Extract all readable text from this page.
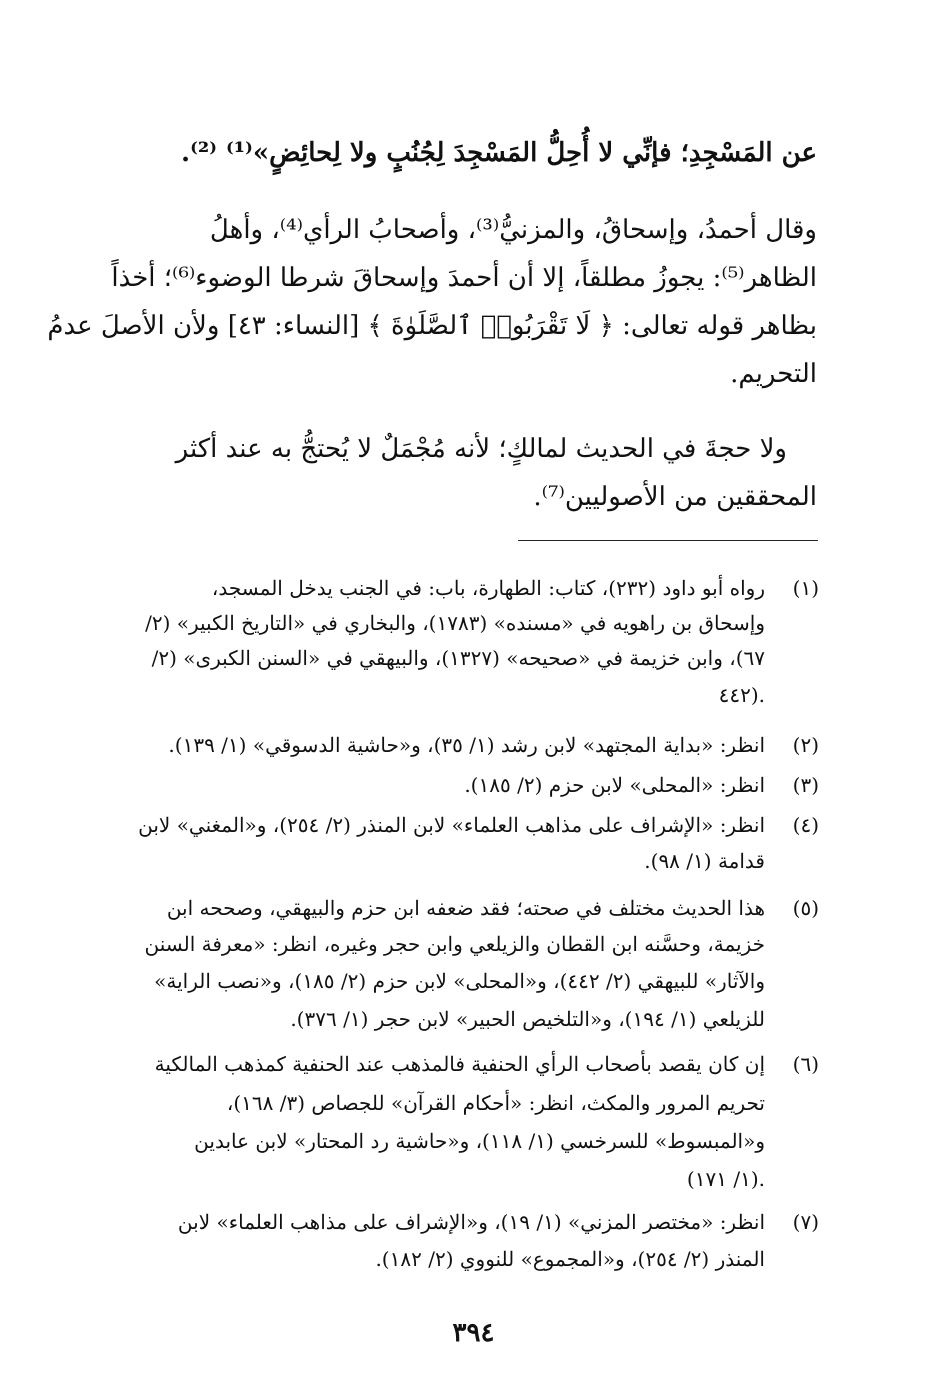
عن المَسْجِدِ؛ فإنِّي لا أُحِلُّ المَسْجِدَ لِجُنُبٍ ولا لِحائِضٍ»⁽¹⁾ ⁽²⁾.
وقال أحمدُ، وإسحاقُ، والمزنيُّ⁽³⁾، وأصحابُ الرأي⁽⁴⁾، وأهلُ
الظاهر⁽⁵⁾: يجوزُ مطلقاً، إلا أن أحمدَ وإسحاقَ شرطا الوضوء⁽⁶⁾؛ أخذاً
بظاهر قوله تعالى: ﴿ لَا تَقْرَبُوا۟ ٱلصَّلَوٰةَ ﴾ [النساء: ٤٣] ولأن الأصلَ عدمُ
التحريم.
ولا حجةَ في الحديث لمالكٍ؛ لأنه مُجْمَلٌ لا يُحتجُّ به عند أكثر
المحققين من الأصوليين⁽⁷⁾.
(١)
رواه أبو داود (٢٣٢)، كتاب: الطهارة، باب: في الجنب يدخل المسجد،
وإسحاق بن راهويه في «مسنده» (١٧٨٣)، والبخاري في «التاريخ الكبير» (٢/
٦٧)، وابن خزيمة في «صحيحه» (١٣٢٧)، والبيهقي في «السنن الكبرى» (٢/
٤٤٢).
(٢)
انظر: «بداية المجتهد» لابن رشد (١/ ٣٥)، و«حاشية الدسوقي» (١/ ١٣٩).
(٣)
انظر: «المحلى» لابن حزم (٢/ ١٨٥).
(٤)
انظر: «الإشراف على مذاهب العلماء» لابن المنذر (٢/ ٢٥٤)، و«المغني» لابن
قدامة (١/ ٩٨).
(٥)
هذا الحديث مختلف في صحته؛ فقد ضعفه ابن حزم والبيهقي، وصححه ابن
خزيمة، وحسَّنه ابن القطان والزيلعي وابن حجر وغيره، انظر: «معرفة السنن
والآثار» للبيهقي (٢/ ٤٤٢)، و«المحلى» لابن حزم (٢/ ١٨٥)، و«نصب الراية»
للزيلعي (١/ ١٩٤)، و«التلخيص الحبير» لابن حجر (١/ ٣٧٦).
(٦)
إن كان يقصد بأصحاب الرأي الحنفية فالمذهب عند الحنفية كمذهب المالكية
تحريم المرور والمكث، انظر: «أحكام القرآن» للجصاص (٣/ ١٦٨)،
و«المبسوط» للسرخسي (١/ ١١٨)، و«حاشية رد المحتار» لابن عابدين
(١/ ١٧١).
(٧)
انظر: «مختصر المزني» (١/ ١٩)، و«الإشراف على مذاهب العلماء» لابن
المنذر (٢/ ٢٥٤)، و«المجموع» للنووي (٢/ ١٨٢).
٣٩٤
